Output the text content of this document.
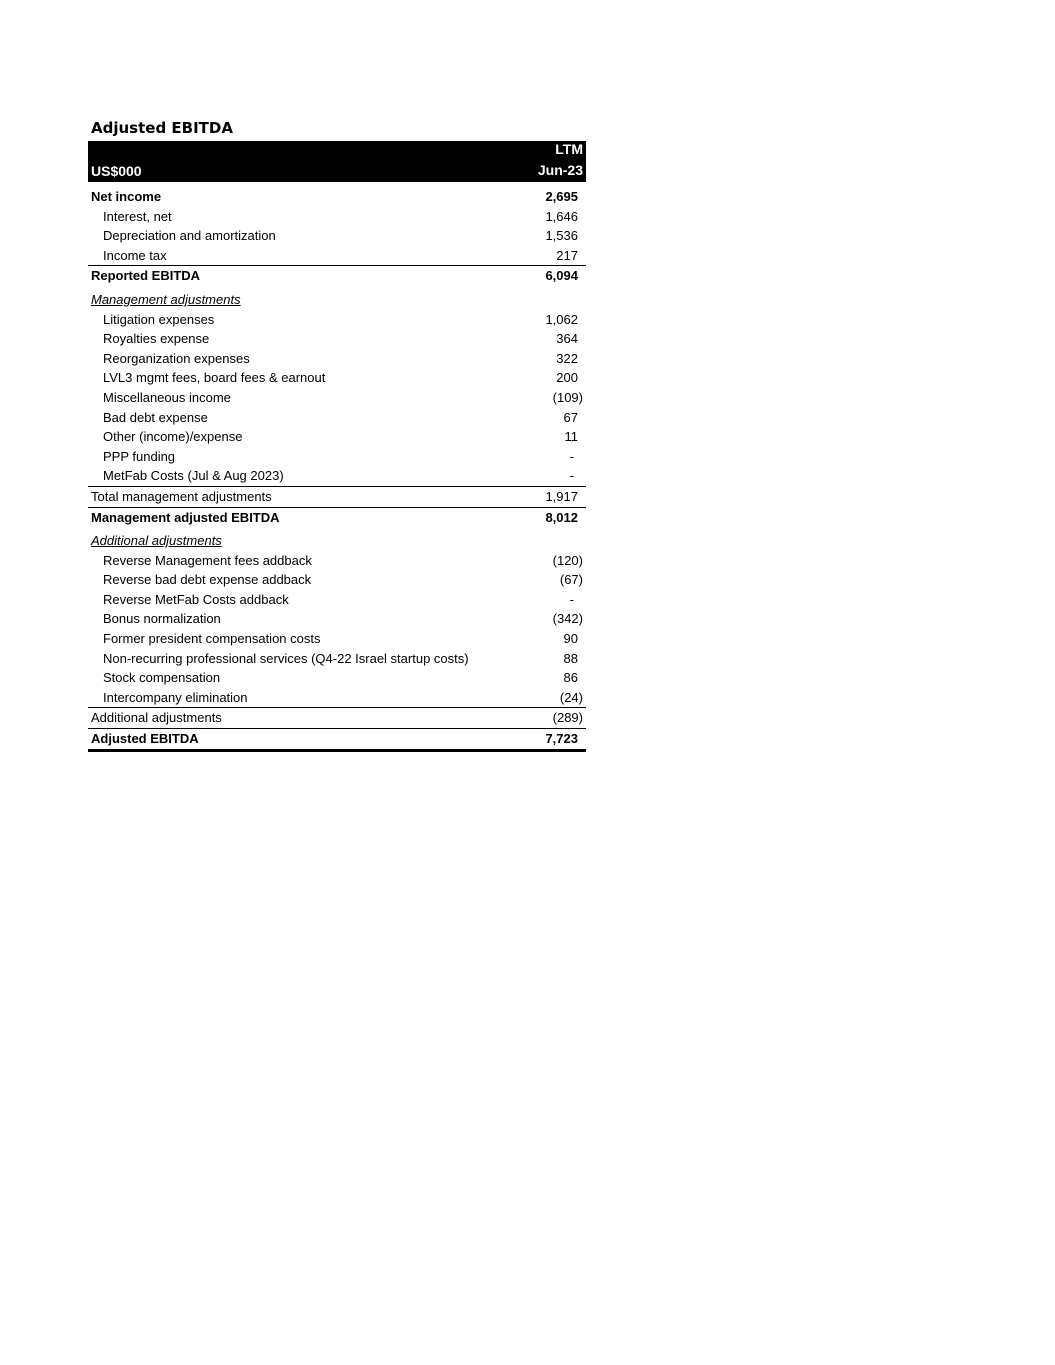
Adjusted EBITDA
US$000
LTM
Jun-23
Net income	2,695
Interest, net	1,646
Depreciation and amortization	1,536
Income tax	217
Reported EBITDA	6,094
Management adjustments
Litigation expenses	1,062
Royalties expense	364
Reorganization expenses	322
LVL3 mgmt fees, board fees & earnout	200
Miscellaneous income	(109)
Bad debt expense	67
Other (income)/expense	11
PPP funding	-
MetFab Costs (Jul & Aug 2023)	-
Total management adjustments	1,917
Management adjusted EBITDA	8,012
Additional adjustments
Reverse Management fees addback	(120)
Reverse bad debt expense addback	(67)
Reverse MetFab Costs addback	-
Bonus normalization	(342)
Former president compensation costs	90
Non-recurring professional services (Q4-22 Israel startup costs)	88
Stock compensation	86
Intercompany elimination	(24)
Additional adjustments	(289)
Adjusted EBITDA	7,723
